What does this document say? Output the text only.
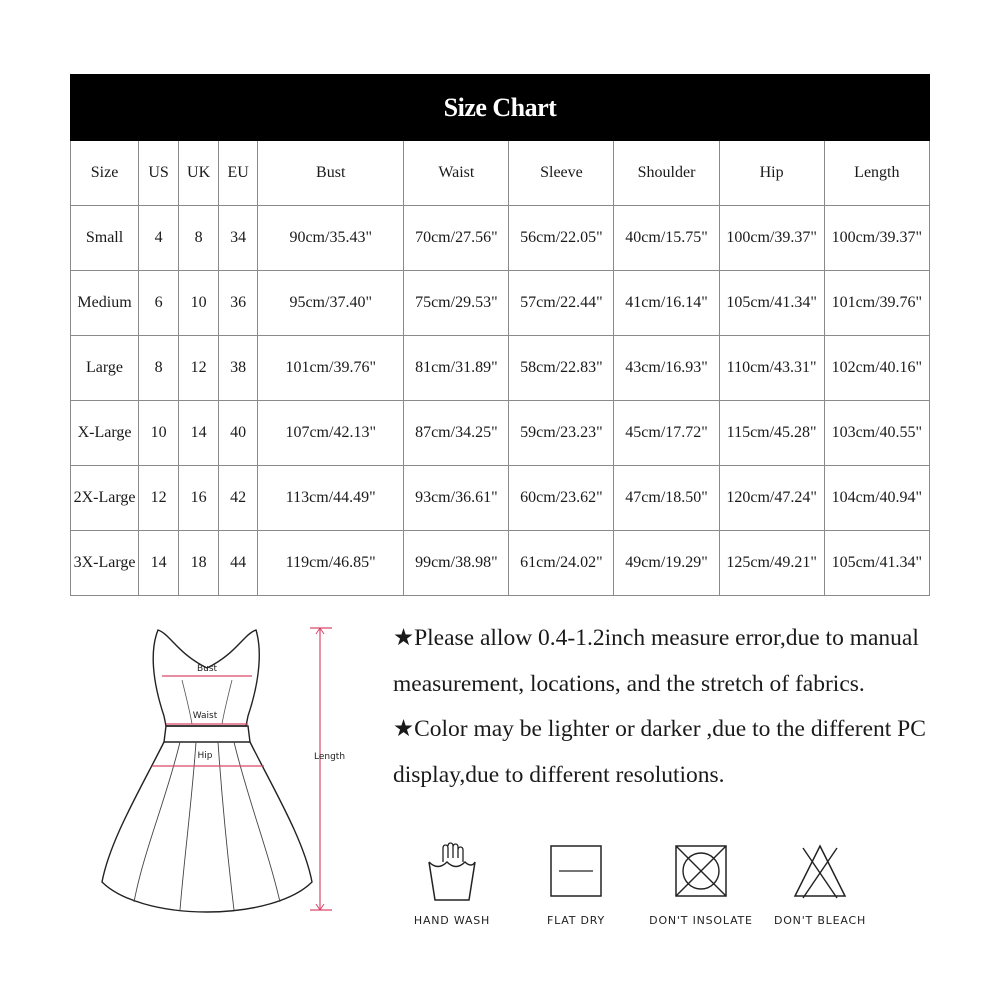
Size Chart									
Size	US	UK	EU	Bust	Waist	Sleeve	Shoulder	Hip	Length
Small	4	8	34	90cm/35.43"	70cm/27.56"	56cm/22.05"	40cm/15.75"	100cm/39.37"	100cm/39.37"
Medium	6	10	36	95cm/37.40"	75cm/29.53"	57cm/22.44"	41cm/16.14"	105cm/41.34"	101cm/39.76"
Large	8	12	38	101cm/39.76"	81cm/31.89"	58cm/22.83"	43cm/16.93"	110cm/43.31"	102cm/40.16"
X-Large	10	14	40	107cm/42.13"	87cm/34.25"	59cm/23.23"	45cm/17.72"	115cm/45.28"	103cm/40.55"
2X-Large	12	16	42	113cm/44.49"	93cm/36.61"	60cm/23.62"	47cm/18.50"	120cm/47.24"	104cm/40.94"
3X-Large	14	18	44	119cm/46.85"	99cm/38.98"	61cm/24.02"	49cm/19.29"	125cm/49.21"	105cm/41.34"
Bust
Waist
Hip	Length

★Please allow 0.4-1.2inch measure error,due to manual measurement, locations, and the stretch of fabrics.

★Color may be lighter or darker ,due to the different PC display,due to different resolutions.

HAND WASH	FLAT DRY	DON'T INSOLATE	DON'T BLEACH
